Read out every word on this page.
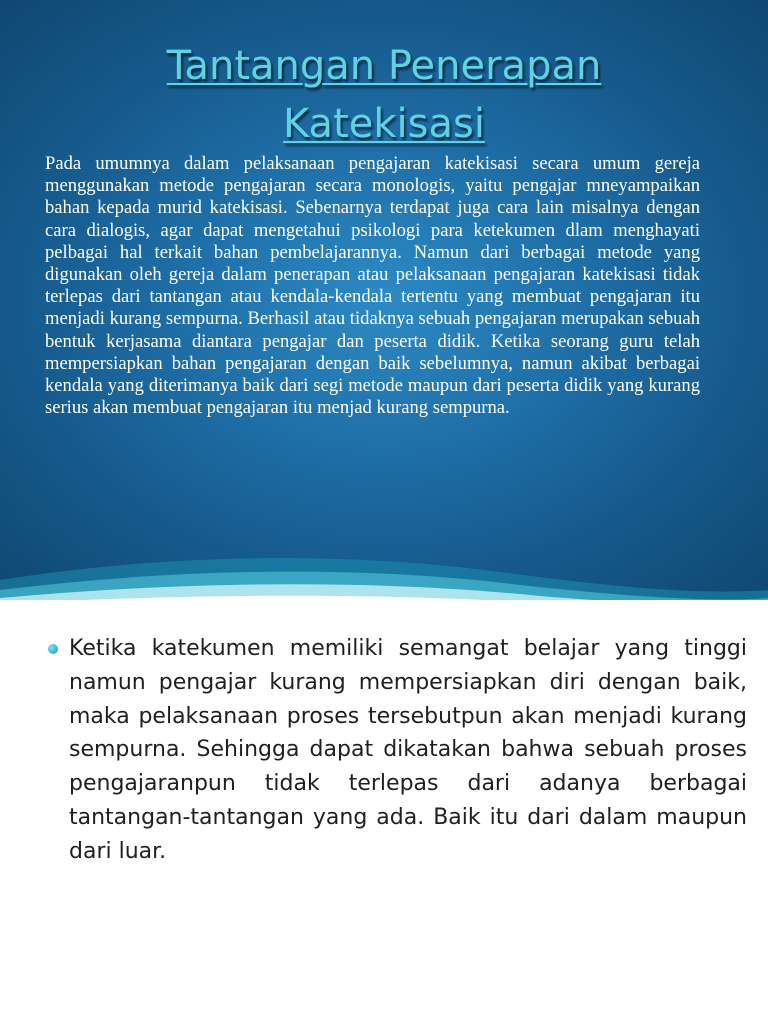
Tantangan Penerapan
Katekisasi

Pada umumnya dalam pelaksanaan pengajaran katekisasi secara umum gereja menggunakan metode pengajaran secara monologis, yaitu pengajar mneyampaikan bahan kepada murid katekisasi. Sebenarnya terdapat juga cara lain misalnya dengan cara dialogis, agar dapat mengetahui psikologi para ketekumen dlam menghayati pelbagai hal terkait bahan pembelajarannya. Namun dari berbagai metode yang digunakan oleh gereja dalam penerapan atau pelaksanaan pengajaran katekisasi tidak terlepas dari tantangan atau kendala-kendala tertentu yang membuat pengajaran itu menjadi kurang sempurna. Berhasil atau tidaknya sebuah pengajaran merupakan sebuah bentuk kerjasama diantara pengajar dan peserta didik. Ketika seorang guru telah mempersiapkan bahan pengajaran dengan baik sebelumnya, namun akibat berbagai kendala yang diterimanya baik dari segi metode maupun dari peserta didik yang kurang serius akan membuat pengajaran itu menjad kurang sempurna.

Ketika katekumen memiliki semangat belajar yang tinggi namun pengajar kurang mempersiapkan diri dengan baik, maka pelaksanaan proses tersebutpun akan menjadi kurang sempurna. Sehingga dapat dikatakan bahwa sebuah proses pengajaranpun tidak terlepas dari adanya berbagai tantangan-tantangan yang ada. Baik itu dari dalam maupun dari luar.
